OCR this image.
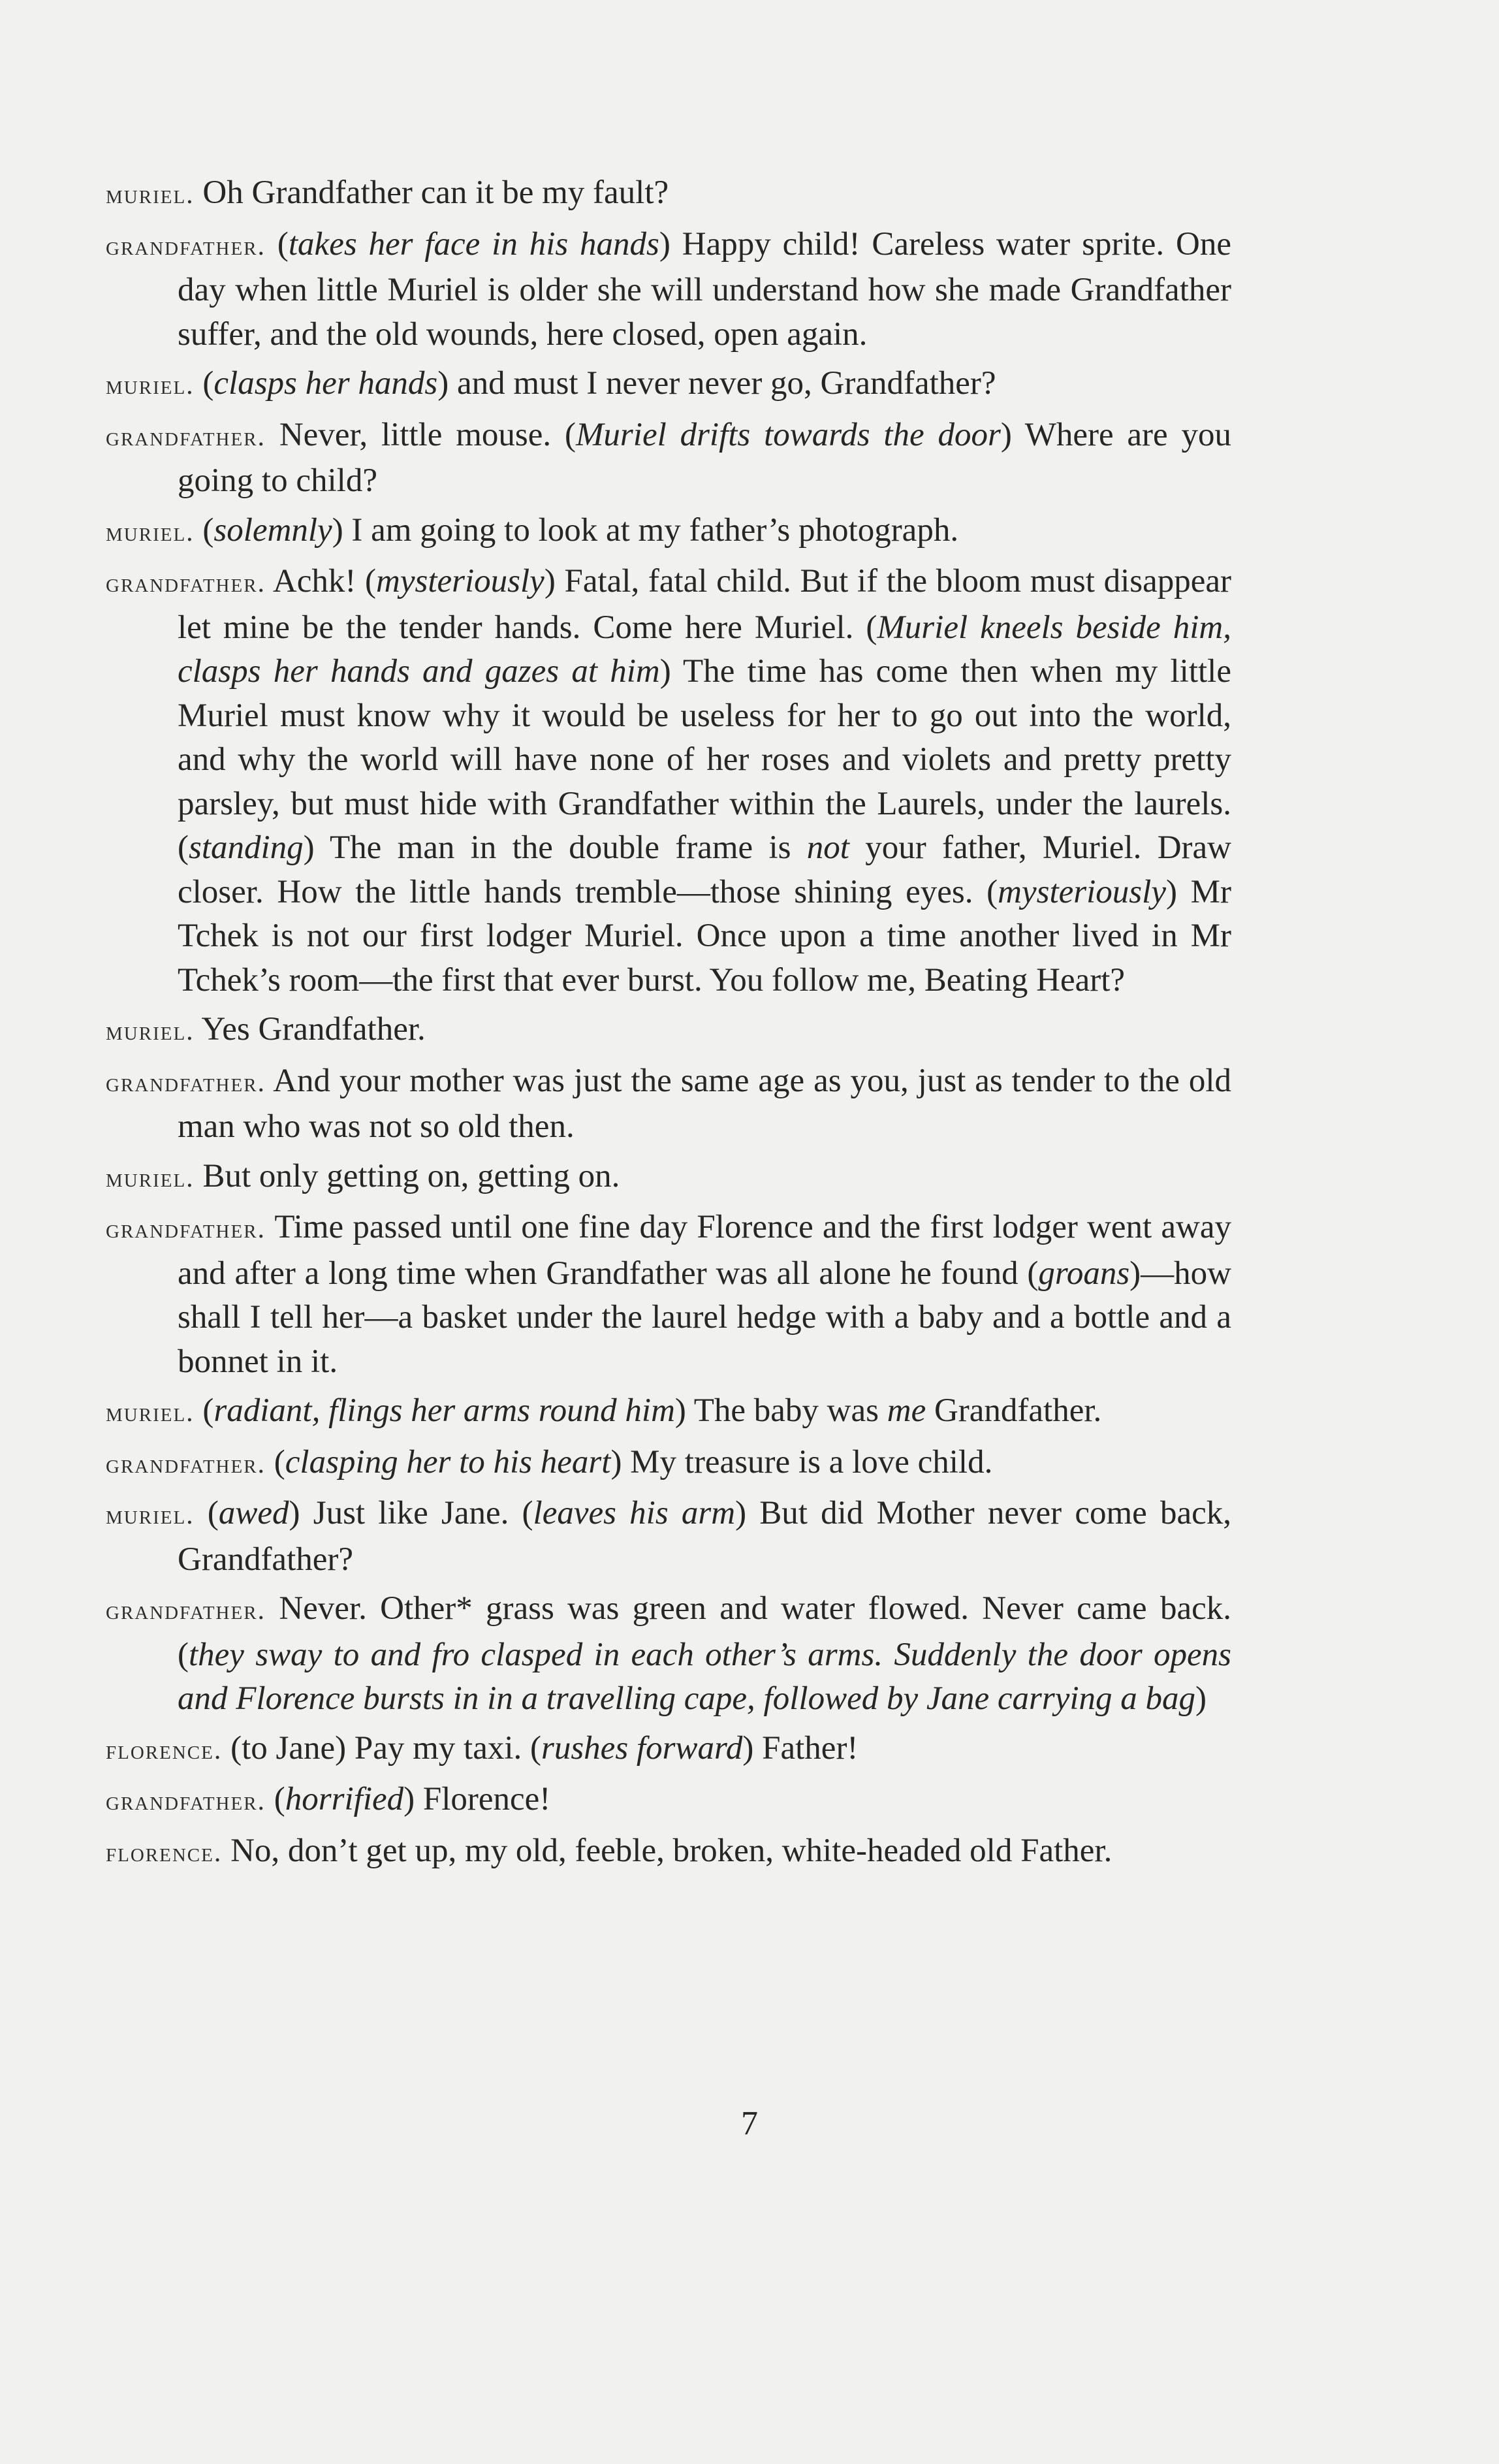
muriel. Oh Grandfather can it be my fault?

grandfather. (takes her face in his hands) Happy child! Careless water sprite. One day when little Muriel is older she will understand how she made Grandfather suffer, and the old wounds, here closed, open again.

muriel. (clasps her hands) and must I never never go, Grandfather?

grandfather. Never, little mouse. (Muriel drifts towards the door) Where are you going to child?

muriel. (solemnly) I am going to look at my father’s photograph.

grandfather. Achk! (mysteriously) Fatal, fatal child. But if the bloom must disappear let mine be the tender hands. Come here Muriel. (Muriel kneels beside him, clasps her hands and gazes at him) The time has come then when my little Muriel must know why it would be useless for her to go out into the world, and why the world will have none of her roses and violets and pretty pretty parsley, but must hide with Grandfather within the Laurels, under the laurels. (standing) The man in the double frame is not your father, Muriel. Draw closer. How the little hands tremble—those shining eyes. (mysteriously) Mr Tchek is not our first lodger Muriel. Once upon a time another lived in Mr Tchek’s room—the first that ever burst. You follow me, Beating Heart?

muriel. Yes Grandfather.

grandfather. And your mother was just the same age as you, just as tender to the old man who was not so old then.

muriel. But only getting on, getting on.

grandfather. Time passed until one fine day Florence and the first lodger went away and after a long time when Grandfather was all alone he found (groans)—how shall I tell her—a basket under the laurel hedge with a baby and a bottle and a bonnet in it.

muriel. (radiant, flings her arms round him) The baby was me Grandfather.

grandfather. (clasping her to his heart) My treasure is a love child.

muriel. (awed) Just like Jane. (leaves his arm) But did Mother never come back, Grandfather?

grandfather. Never. Other* grass was green and water flowed. Never came back. (they sway to and fro clasped in each other’s arms. Suddenly the door opens and Florence bursts in in a travelling cape, followed by Jane carrying a bag)

florence. (to Jane) Pay my taxi. (rushes forward) Father!

grandfather. (horrified) Florence!

florence. No, don’t get up, my old, feeble, broken, white-headed old Father.

7
